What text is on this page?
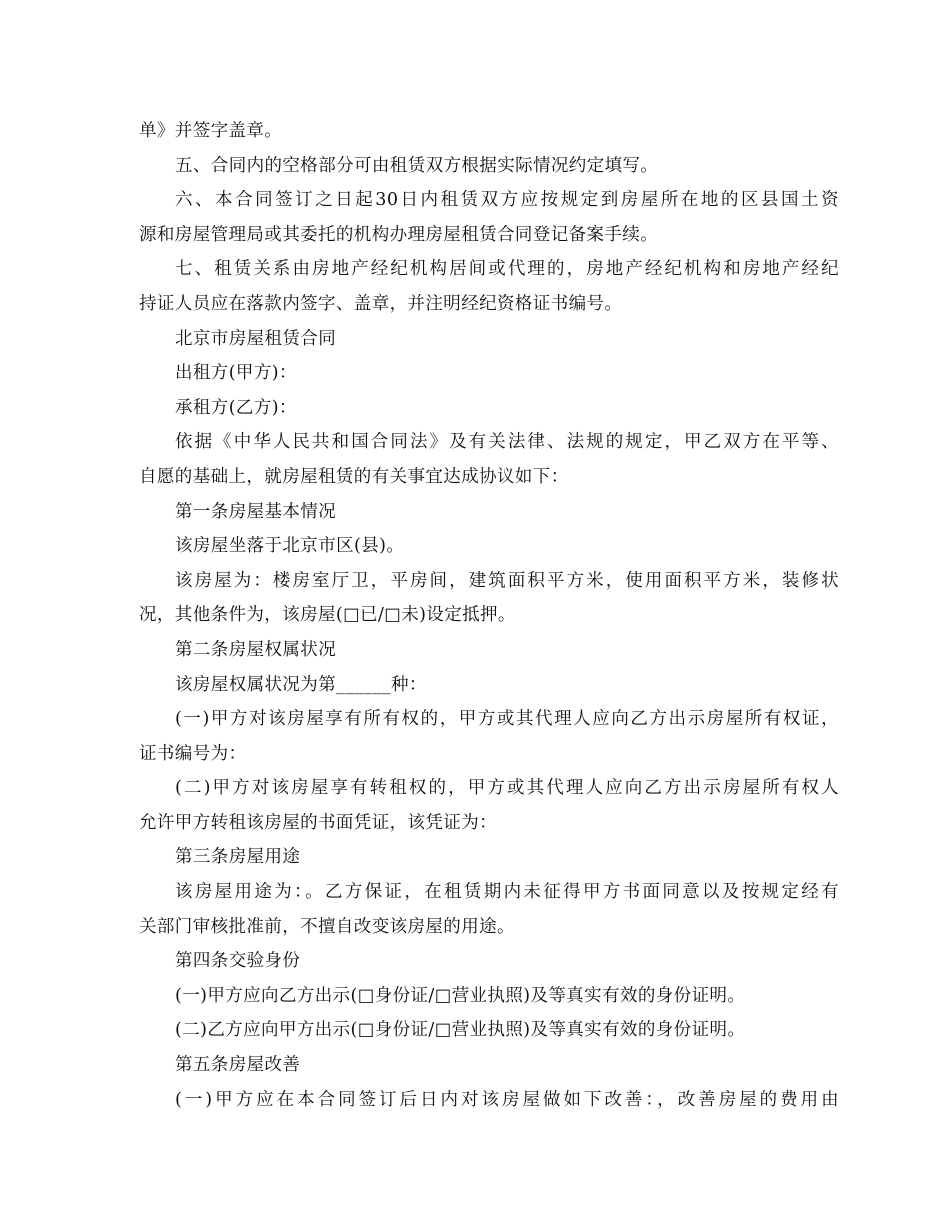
单》并签字盖章。
五、合同内的空格部分可由租赁双方根据实际情况约定填写。
六、本合同签订之日起30日内租赁双方应按规定到房屋所在地的区县国土资
源和房屋管理局或其委托的机构办理房屋租赁合同登记备案手续。
七、租赁关系由房地产经纪机构居间或代理的，房地产经纪机构和房地产经纪
持证人员应在落款内签字、盖章，并注明经纪资格证书编号。
北京市房屋租赁合同
出租方(甲方)：
承租方(乙方)：
依据《中华人民共和国合同法》及有关法律、法规的规定，甲乙双方在平等、
自愿的基础上，就房屋租赁的有关事宜达成协议如下：
第一条房屋基本情况
该房屋坐落于北京市区(县)。
该房屋为：楼房室厅卫，平房间，建筑面积平方米，使用面积平方米，装修状
况，其他条件为，该房屋(□已/□未)设定抵押。
第二条房屋权属状况
该房屋权属状况为第______种：
(一)甲方对该房屋享有所有权的，甲方或其代理人应向乙方出示房屋所有权证，
证书编号为：
(二)甲方对该房屋享有转租权的，甲方或其代理人应向乙方出示房屋所有权人
允许甲方转租该房屋的书面凭证，该凭证为：
第三条房屋用途
该房屋用途为：。乙方保证，在租赁期内未征得甲方书面同意以及按规定经有
关部门审核批准前，不擅自改变该房屋的用途。
第四条交验身份
(一)甲方应向乙方出示(□身份证/□营业执照)及等真实有效的身份证明。
(二)乙方应向甲方出示(□身份证/□营业执照)及等真实有效的身份证明。
第五条房屋改善
(一)甲方应在本合同签订后日内对该房屋做如下改善：，改善房屋的费用由
